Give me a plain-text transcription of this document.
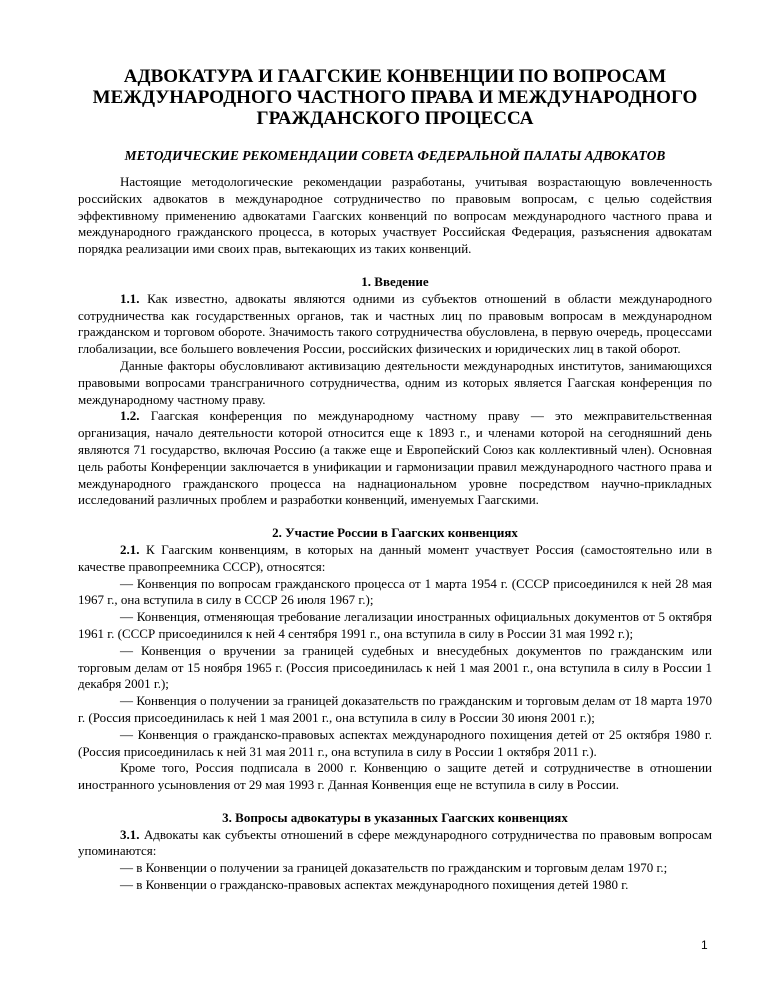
АДВОКАТУРА И ГААГСКИЕ КОНВЕНЦИИ ПО ВОПРОСАМ
МЕЖДУНАРОДНОГО ЧАСТНОГО ПРАВА И МЕЖДУНАРОДНОГО
ГРАЖДАНСКОГО ПРОЦЕССА
МЕТОДИЧЕСКИЕ РЕКОМЕНДАЦИИ СОВЕТА ФЕДЕРАЛЬНОЙ ПАЛАТЫ АДВОКАТОВ

Настоящие методологические рекомендации разработаны, учитывая возрастающую вовлеченность российских адвокатов в международное сотрудничество по правовым вопросам, с целью содействия эффективному применению адвокатами Гаагских конвенций по вопросам международного частного права и международного гражданского процесса, в которых участвует Российская Федерация, разъяснения адвокатам порядка реализации ими своих прав, вытекающих из таких конвенций.

1. Введение

1.1. Как известно, адвокаты являются одними из субъектов отношений в области международного сотрудничества как государственных органов, так и частных лиц по правовым вопросам в международном гражданском и торговом обороте. Значимость такого сотрудничества обусловлена, в первую очередь, процессами глобализации, все большего вовлечения России, российских физических и юридических лиц в такой оборот.

Данные факторы обусловливают активизацию деятельности международных институтов, занимающихся правовыми вопросами трансграничного сотрудничества, одним из которых является Гаагская конференция по международному частному праву.

1.2. Гаагская конференция по международному частному праву — это межправительственная организация, начало деятельности которой относится еще к 1893 г., и членами которой на сегодняшний день являются 71 государство, включая Россию (а также еще и Европейский Союз как коллективный член). Основная цель работы Конференции заключается в унификации и гармонизации правил международного частного права и международного гражданского процесса на наднациональном уровне посредством научно-прикладных исследований различных проблем и разработки конвенций, именуемых Гаагскими.

2. Участие России в Гаагских конвенциях

2.1. К Гаагским конвенциям, в которых на данный момент участвует Россия (самостоятельно или в качестве правопреемника СССР), относятся:

— Конвенция по вопросам гражданского процесса от 1 марта 1954 г. (СССР присоединился к ней 28 мая 1967 г., она вступила в силу в СССР 26 июля 1967 г.);

— Конвенция, отменяющая требование легализации иностранных официальных документов от 5 октября 1961 г. (СССР присоединился к ней 4 сентября 1991 г., она вступила в силу в России 31 мая 1992 г.);

— Конвенция о вручении за границей судебных и внесудебных документов по гражданским или торговым делам от 15 ноября 1965 г. (Россия присоединилась к ней 1 мая 2001 г., она вступила в силу в России 1 декабря 2001 г.);

— Конвенция о получении за границей доказательств по гражданским и торговым делам от 18 марта 1970 г. (Россия присоединилась к ней 1 мая 2001 г., она вступила в силу в России 30 июня 2001 г.);

— Конвенция о гражданско-правовых аспектах международного похищения детей от 25 октября 1980 г. (Россия присоединилась к ней 31 мая 2011 г., она вступила в силу в России 1 октября 2011 г.).

Кроме того, Россия подписала в 2000 г. Конвенцию о защите детей и сотрудничестве в отношении иностранного усыновления от 29 мая 1993 г. Данная Конвенция еще не вступила в силу в России.

3. Вопросы адвокатуры в указанных Гаагских конвенциях

3.1. Адвокаты как субъекты отношений в сфере международного сотрудничества по правовым вопросам упоминаются:

— в Конвенции о получении за границей доказательств по гражданским и торговым делам 1970 г.;

— в Конвенции о гражданско-правовых аспектах международного похищения детей 1980 г.

1
